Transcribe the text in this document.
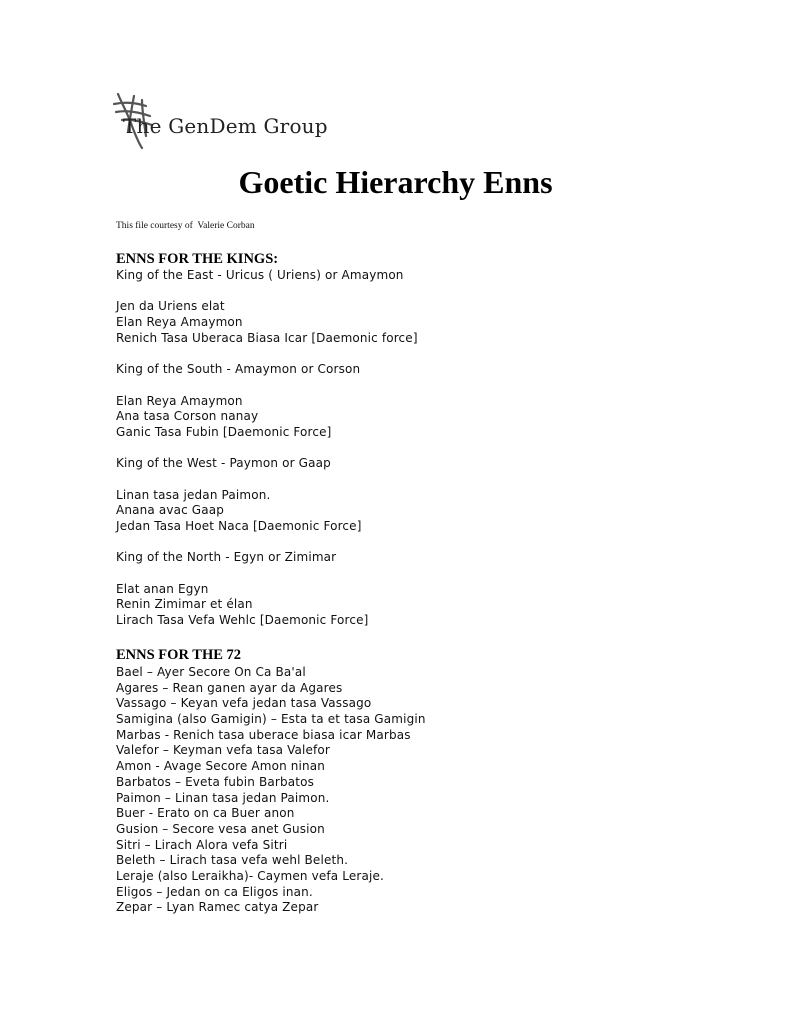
The GenDem Group
Goetic Hierarchy Enns
This file courtesy of  Valerie Corban
ENNS FOR THE KINGS:
King of the East - Uricus ( Uriens) or Amaymon
Jen da Uriens elat
Elan Reya Amaymon
Renich Tasa Uberaca Biasa Icar [Daemonic force]
King of the South - Amaymon or Corson
Elan Reya Amaymon
Ana tasa Corson nanay
Ganic Tasa Fubin [Daemonic Force]
King of the West - Paymon or Gaap
Linan tasa jedan Paimon.
Anana avac Gaap
Jedan Tasa Hoet Naca [Daemonic Force]
King of the North - Egyn or Zimimar
Elat anan Egyn
Renin Zimimar et élan
Lirach Tasa Vefa Wehlc [Daemonic Force]
ENNS FOR THE 72
Bael – Ayer Secore On Ca Ba'al
Agares – Rean ganen ayar da Agares
Vassago – Keyan vefa jedan tasa Vassago
Samigina (also Gamigin) – Esta ta et tasa Gamigin
Marbas - Renich tasa uberace biasa icar Marbas
Valefor – Keyman vefa tasa Valefor
Amon - Avage Secore Amon ninan
Barbatos – Eveta fubin Barbatos
Paimon – Linan tasa jedan Paimon.
Buer - Erato on ca Buer anon
Gusion – Secore vesa anet Gusion
Sitri – Lirach Alora vefa Sitri
Beleth – Lirach tasa vefa wehl Beleth.
Leraje (also Leraikha)- Caymen vefa Leraje.
Eligos – Jedan on ca Eligos inan.
Zepar – Lyan Ramec catya Zepar
